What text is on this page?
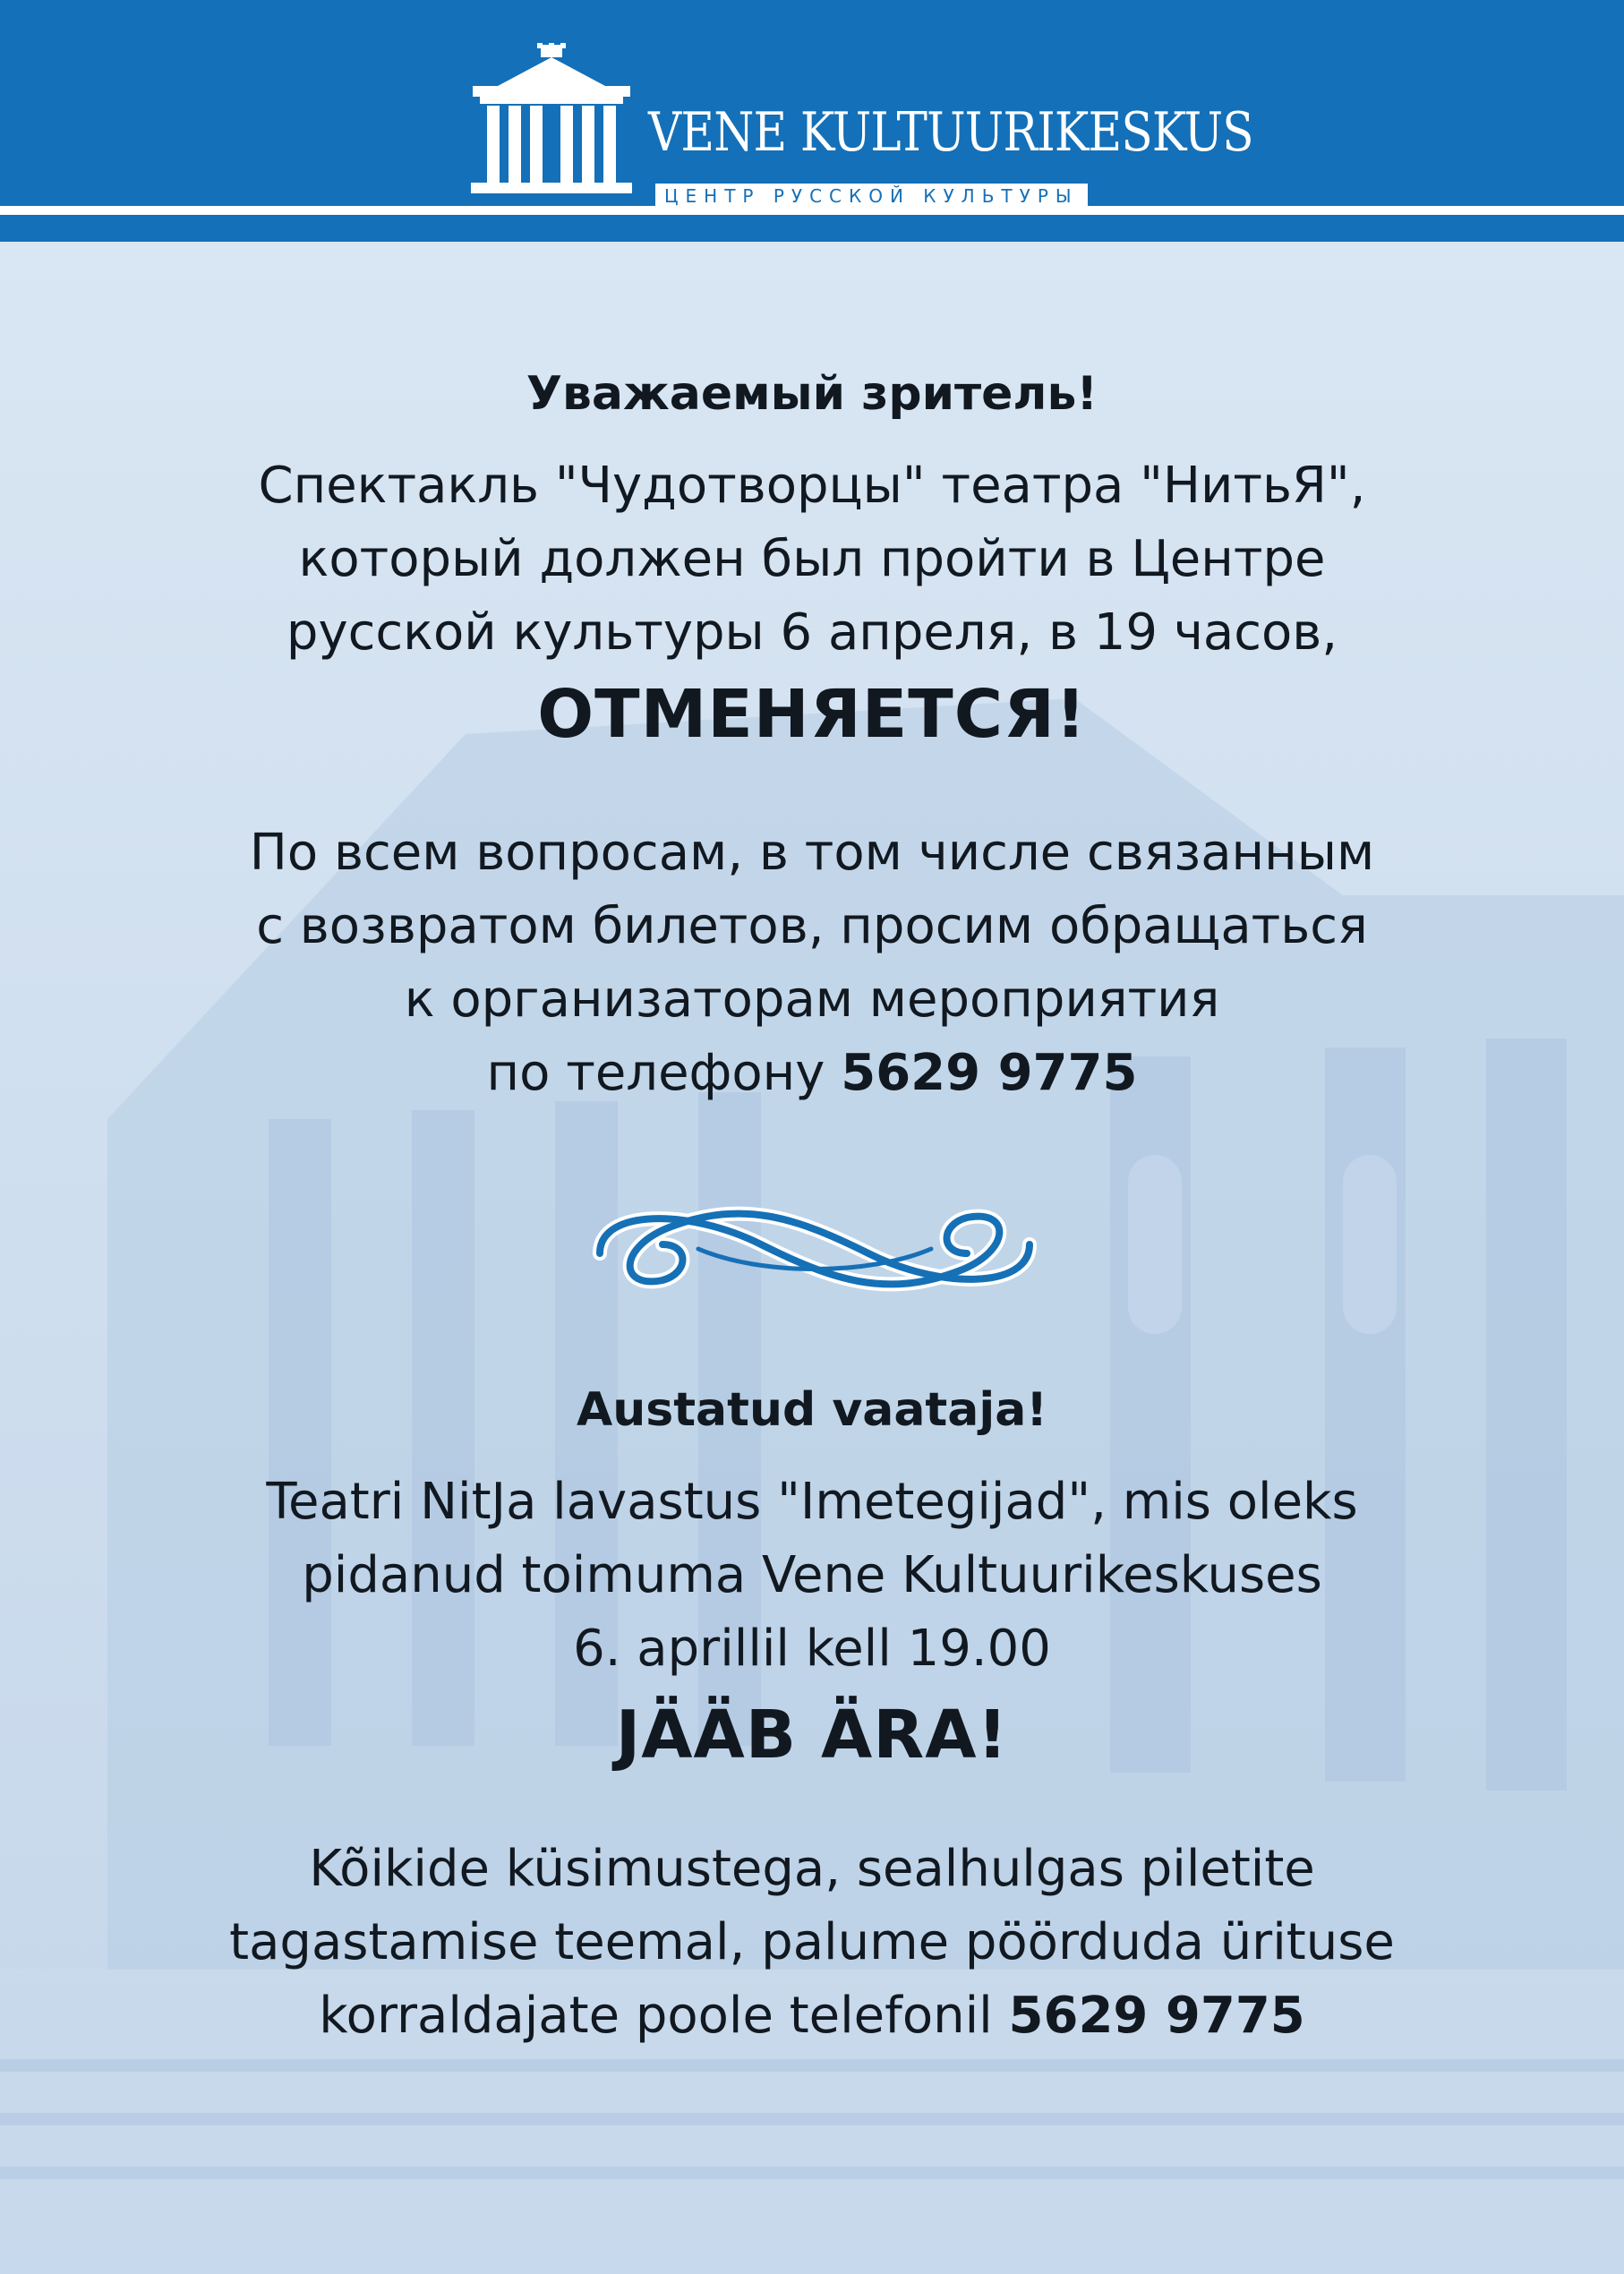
VENE KULTUURIKESKUS
ЦЕНТР РУССКОЙ КУЛЬТУРЫ
Уважаемый зритель!
Спектакль "Чудотворцы" театра "НитьЯ",
который должен был пройти в Центре
русской культуры 6 апреля, в 19 часов,
ОТМЕНЯЕТСЯ!
По всем вопросам, в том числе связанным
с возвратом билетов, просим обращаться
к организаторам мероприятия
по телефону 5629 9775
Austatud vaataja!
Teatri NitJa lavastus "Imetegijad", mis oleks
pidanud toimuma Vene Kultuurikeskuses
6. aprillil kell 19.00
JÄÄB ÄRA!
Kõikide küsimustega, sealhulgas piletite
tagastamise teemal, palume pöörduda ürituse
korraldajate poole telefonil 5629 9775
